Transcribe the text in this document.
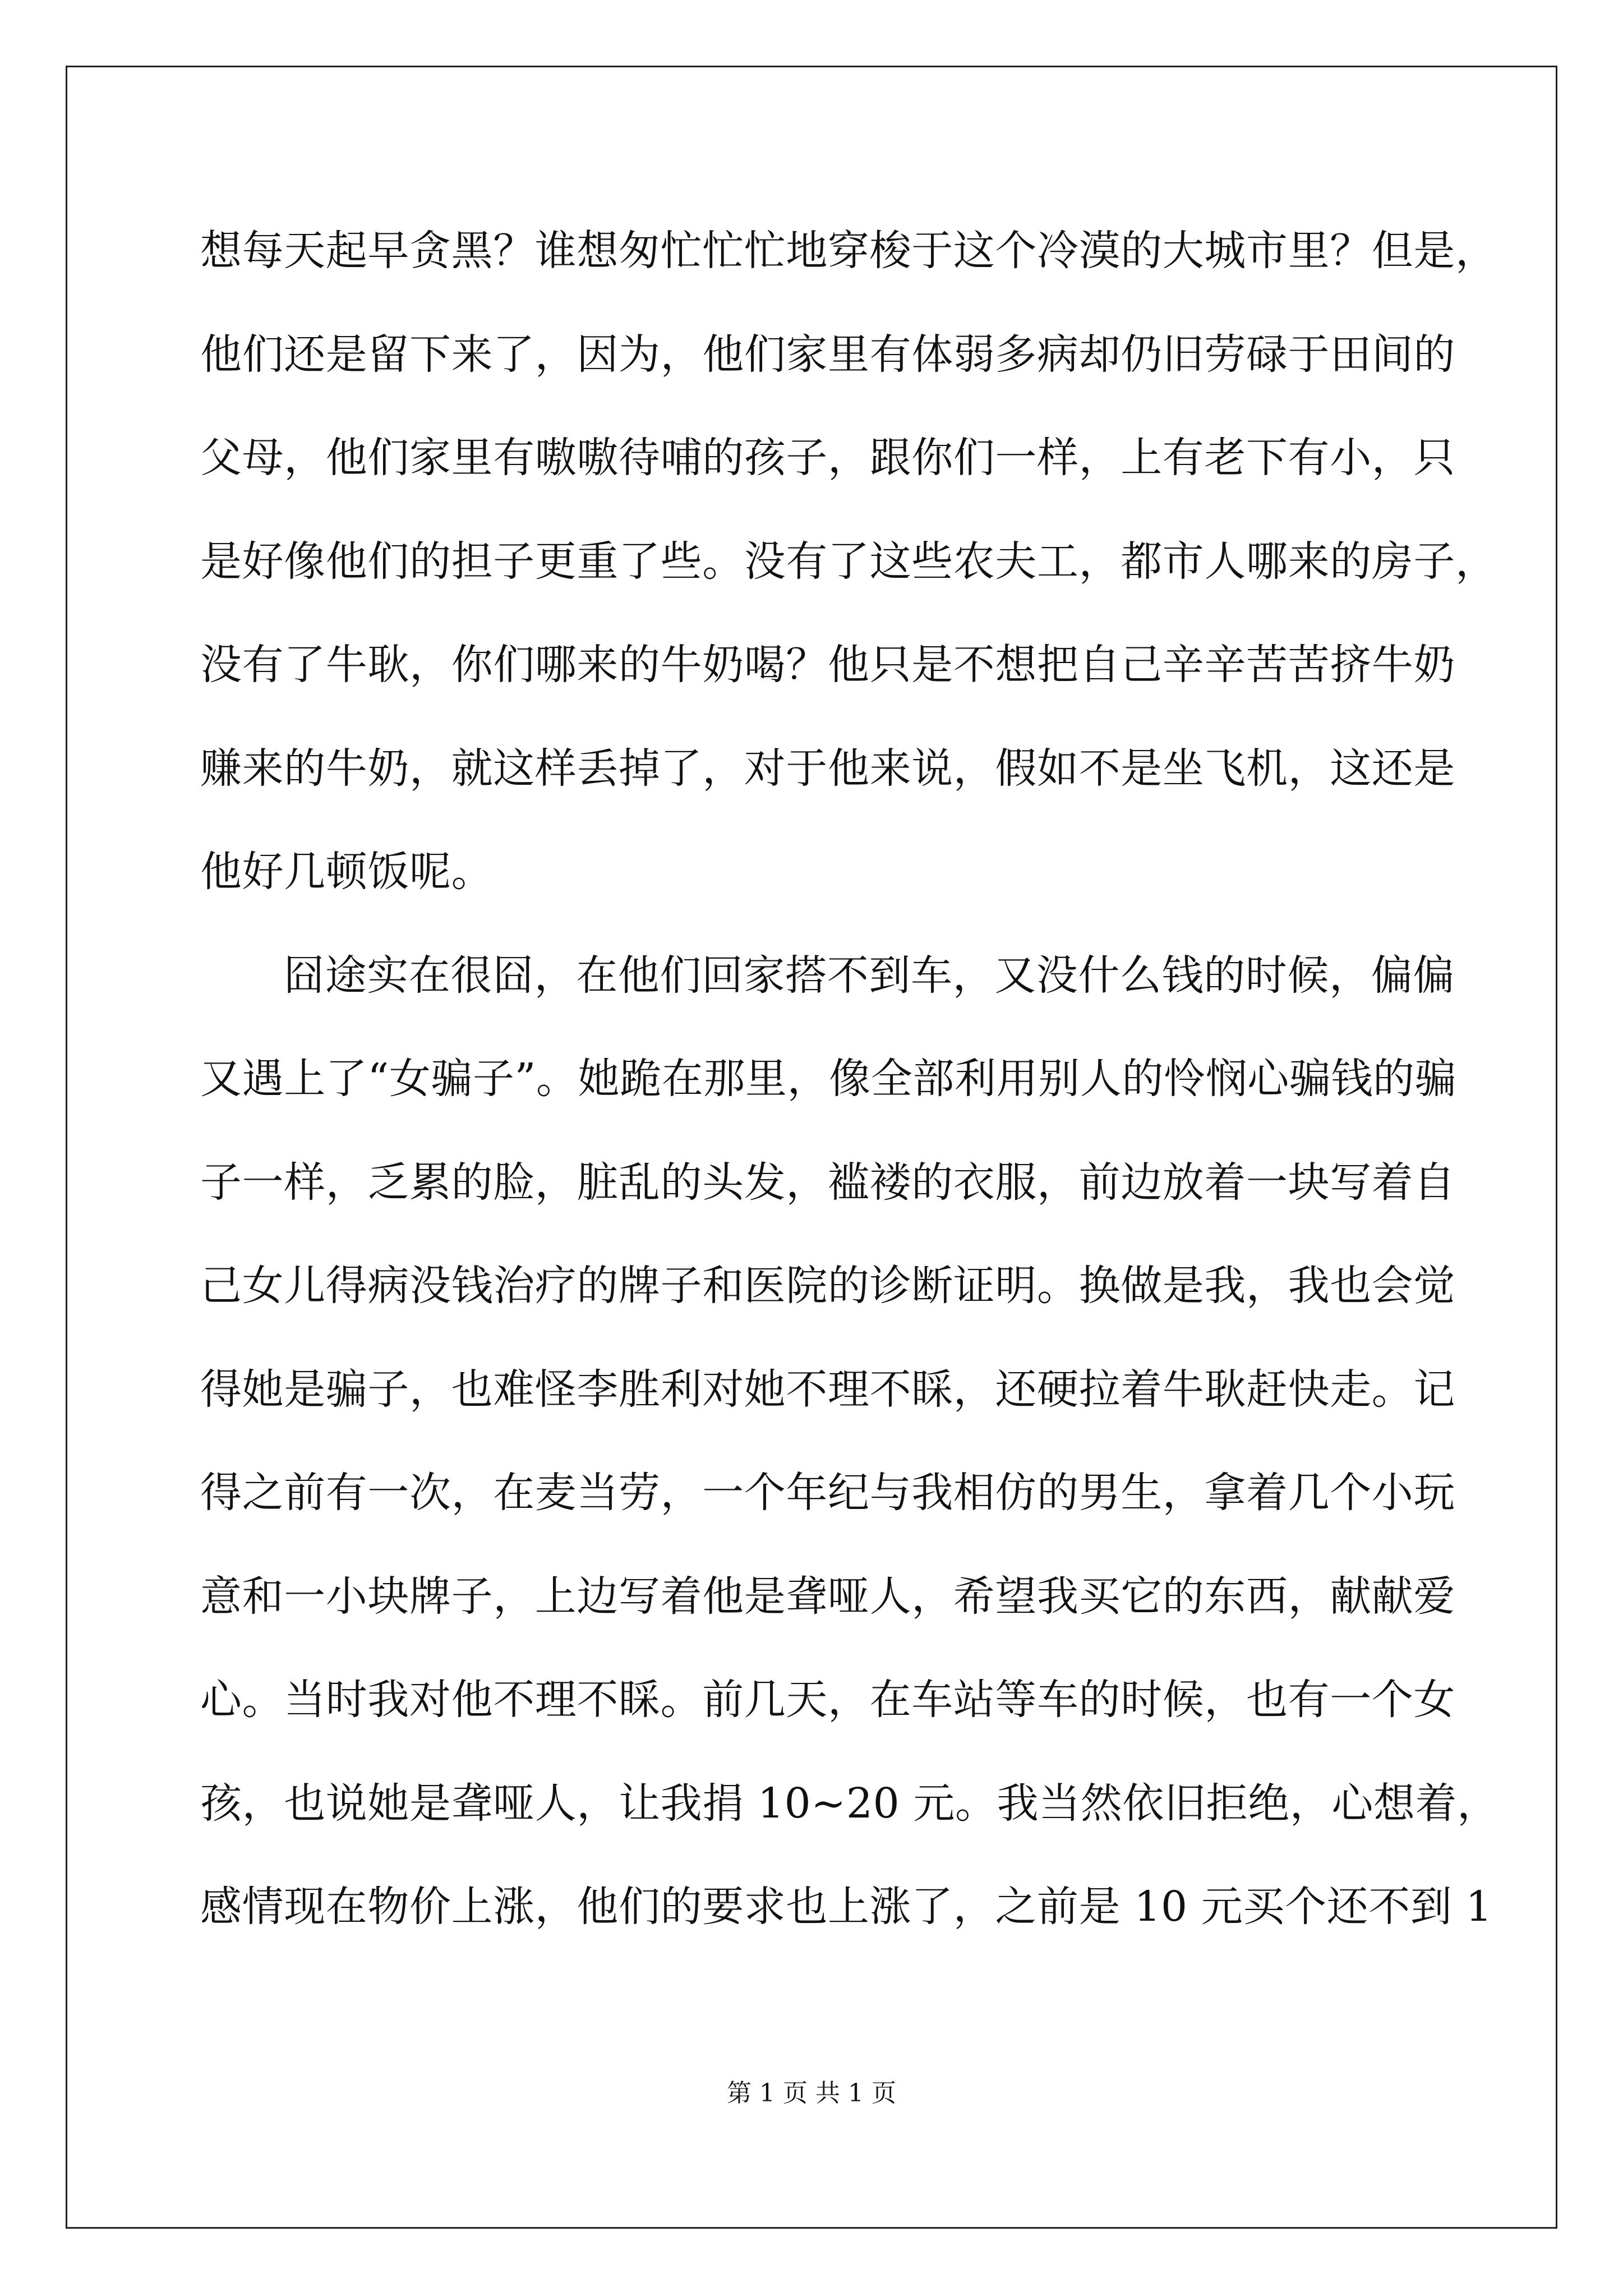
想每天起早贪黑？谁想匆忙忙忙地穿梭于这个冷漠的大城市里？但是，
他们还是留下来了，因为，他们家里有体弱多病却仍旧劳碌于田间的
父母，他们家里有嗷嗷待哺的孩子，跟你们一样，上有老下有小，只
是好像他们的担子更重了些。没有了这些农夫工，都市人哪来的房子，
没有了牛耿，你们哪来的牛奶喝？他只是不想把自己辛辛苦苦挤牛奶
赚来的牛奶，就这样丢掉了，对于他来说，假如不是坐飞机，这还是
他好几顿饭呢。
囧途实在很囧，在他们回家搭不到车，又没什么钱的时候，偏偏
又遇上了“女骗子”。她跪在那里，像全部利用别人的怜悯心骗钱的骗
子一样，乏累的脸，脏乱的头发，褴褛的衣服，前边放着一块写着自
己女儿得病没钱治疗的牌子和医院的诊断证明。换做是我，我也会觉
得她是骗子，也难怪李胜利对她不理不睬，还硬拉着牛耿赶快走。记
得之前有一次，在麦当劳，一个年纪与我相仿的男生，拿着几个小玩
意和一小块牌子，上边写着他是聋哑人，希望我买它的东西，献献爱
心。当时我对他不理不睬。前几天，在车站等车的时候，也有一个女
孩，也说她是聋哑人，让我捐 10~20 元。我当然依旧拒绝，心想着，
感情现在物价上涨，他们的要求也上涨了，之前是 10 元买个还不到 1
第 1 页 共 1 页
